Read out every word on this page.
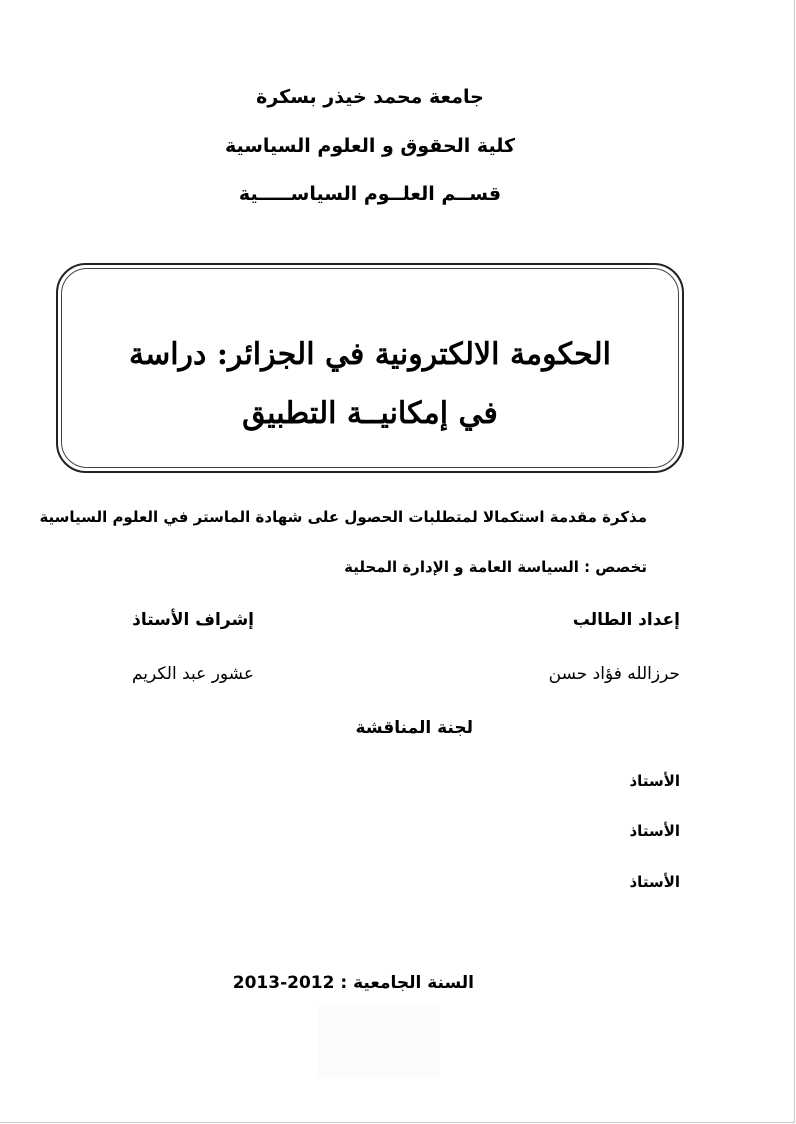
جامعة محمد خيذر بسكرة
كلية الحقوق و العلوم السياسية
قســم العلــوم السياســـــية
الحكومة الالكترونية في الجزائر: دراسة
في إمكانيــة التطبيق
مذكرة مقدمة استكمالا لمتطلبات الحصول على شهادة الماستر في العلوم السياسية
تخصص : السياسة العامة و الإدارة المحلية
إعداد الطالب
إشراف الأستاذ
حرزالله فؤاد حسن
عشور عبد الكريم
لجنة المناقشة
الأستاذ
الأستاذ
الأستاذ
السنة الجامعية : 2012-2013
